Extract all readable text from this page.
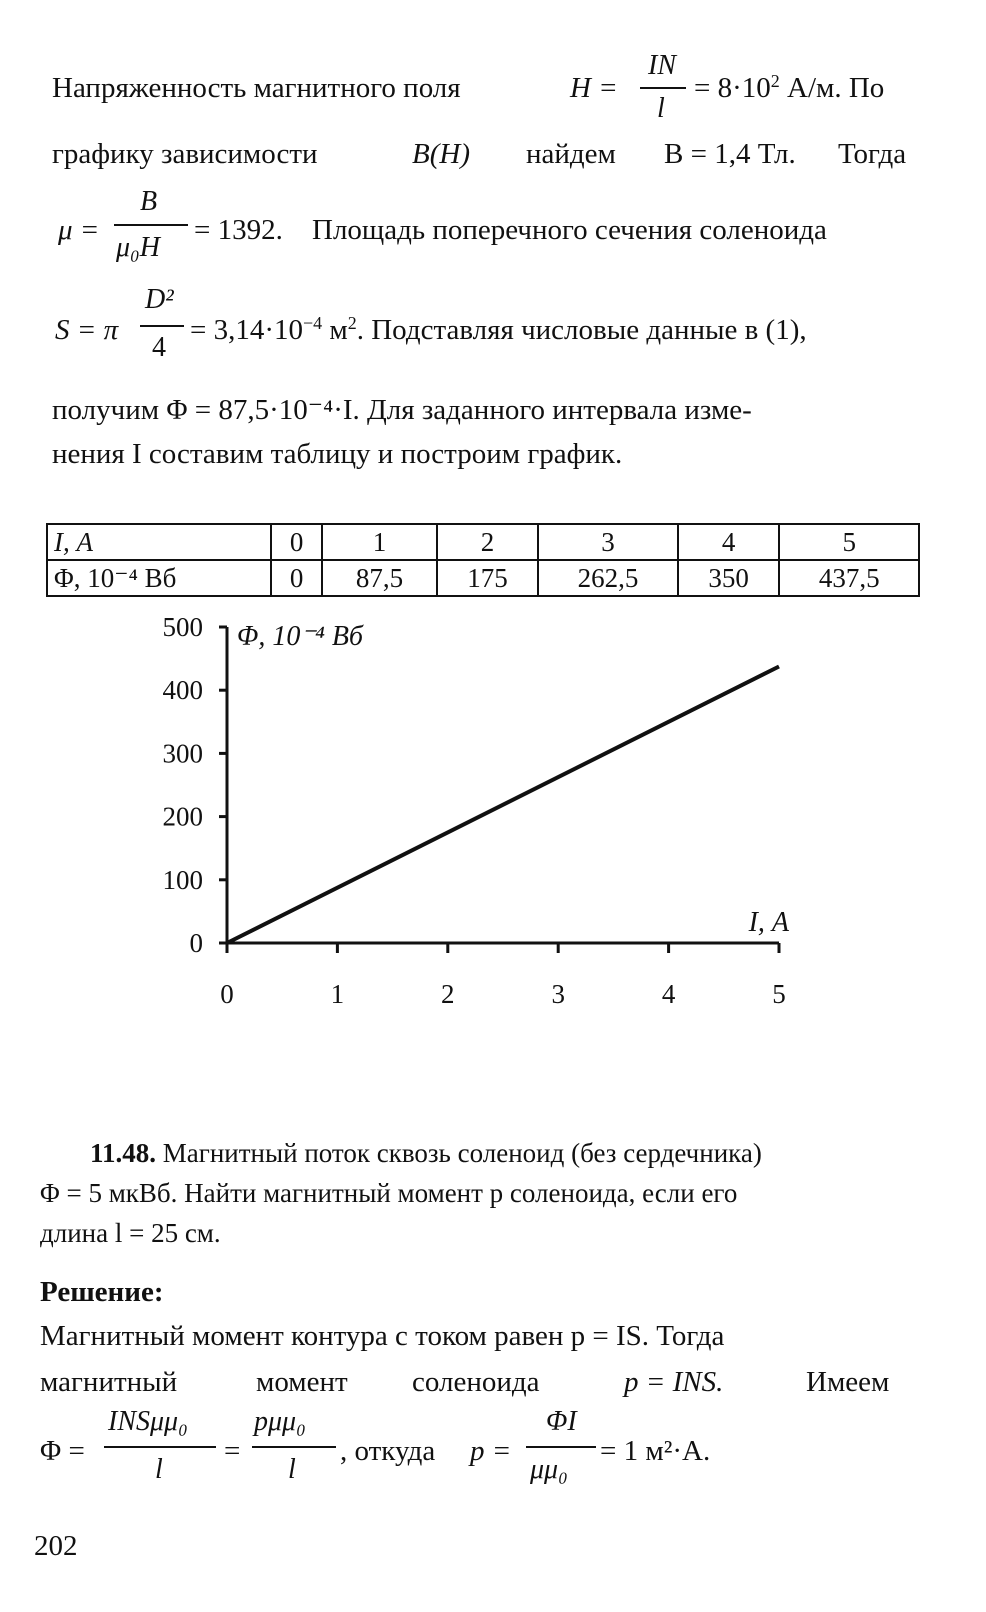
Напряженность магнитного поля	H =
IN
l
= $8\cdot 10^2$ А/м. По
графику зависимости	B(H) найдем B = 1,4 Тл. Тогда
μ =
B
μ₀H
= 1392. Площадь поперечного сечения соленоида
S = π
D²
4
= $3,14\cdot 10^{-4}$ $м^2$. Подставляя числовые данные в (1),
получим Φ = 87,5·10⁻⁴·I. Для заданного интервала изме-
нения I составим таблицу и построим график.
I, А	0	1	2	3	4	5
Φ, 10⁻⁴ Вб	0	87,5	175	262,5	350	437,5
0
100
200
300
400
500
0	1	2	3	4	5
Φ, 10⁻⁴ Вб
I, А
11.48. Магнитный поток сквозь соленоид (без сердечника)
Φ = 5 мкВб. Найти магнитный момент p соленоида, если его
длина l = 25 см.
Решение:
Магнитный момент контура с током равен p = IS. Тогда
магнитный	момент соленоида	p = INS.	Имеем
Φ =
INSμμ₀
l
=
pμμ₀
l
, откуда p =
ΦI
μμ₀
= 1 м²·А.
202
